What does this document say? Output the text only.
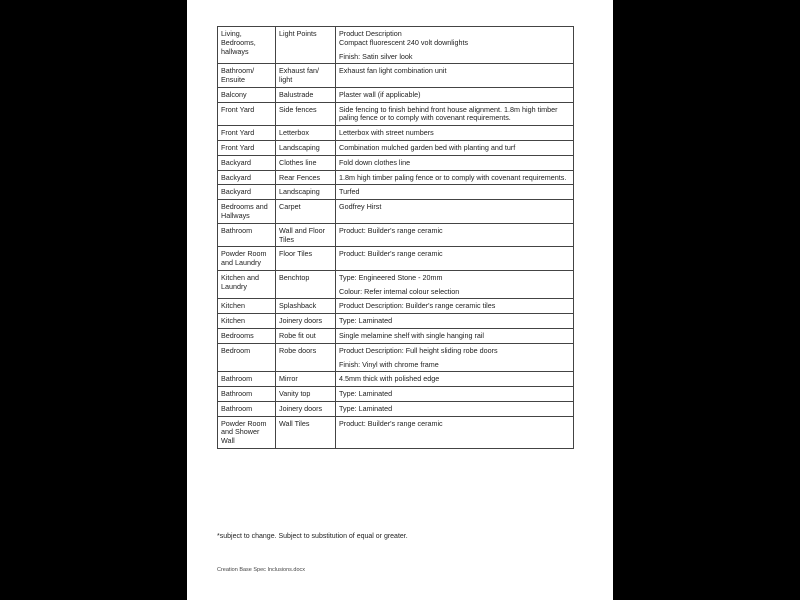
Living, Bedrooms, hallways	Light Points	Product Description
Compact fluorescent 240 volt downlights
Finish: Satin silver look

Bathroom/ Ensuite	Exhaust fan/ light	Exhaust fan light combination unit

Balcony	Balustrade	Plaster wall (if applicable)

Front Yard	Side fences	Side fencing to finish behind front house alignment. 1.8m high timber paling fence or to comply with covenant requirements.

Front Yard	Letterbox	Letterbox with street numbers

Front Yard	Landscaping	Combination mulched garden bed with planting and turf

Backyard	Clothes line	Fold down clothes line

Backyard	Rear Fences	1.8m high timber paling fence or to comply with covenant requirements.

Backyard	Landscaping	Turfed

Bedrooms and Hallways	Carpet	Godfrey Hirst

Bathroom	Wall and Floor Tiles	Product: Builder's range ceramic

Powder Room and Laundry	Floor Tiles	Product: Builder's range ceramic

Kitchen and Laundry	Benchtop	Type: Engineered Stone - 20mm
Colour: Refer internal colour selection

Kitchen	Splashback	Product Description: Builder's range ceramic tiles

Kitchen	Joinery doors	Type: Laminated

Bedrooms	Robe fit out	Single melamine shelf with single hanging rail

Bedroom	Robe doors	Product Description: Full height sliding robe doors
Finish: Vinyl with chrome frame

Bathroom	Mirror	4.5mm thick with polished edge

Bathroom	Vanity top	Type: Laminated

Bathroom	Joinery doors	Type: Laminated

Powder Room and Shower Wall	Wall Tiles	Product: Builder's range ceramic
*subject to change. Subject to substitution of equal or greater.
Creation Base Spec Inclusions.docx
